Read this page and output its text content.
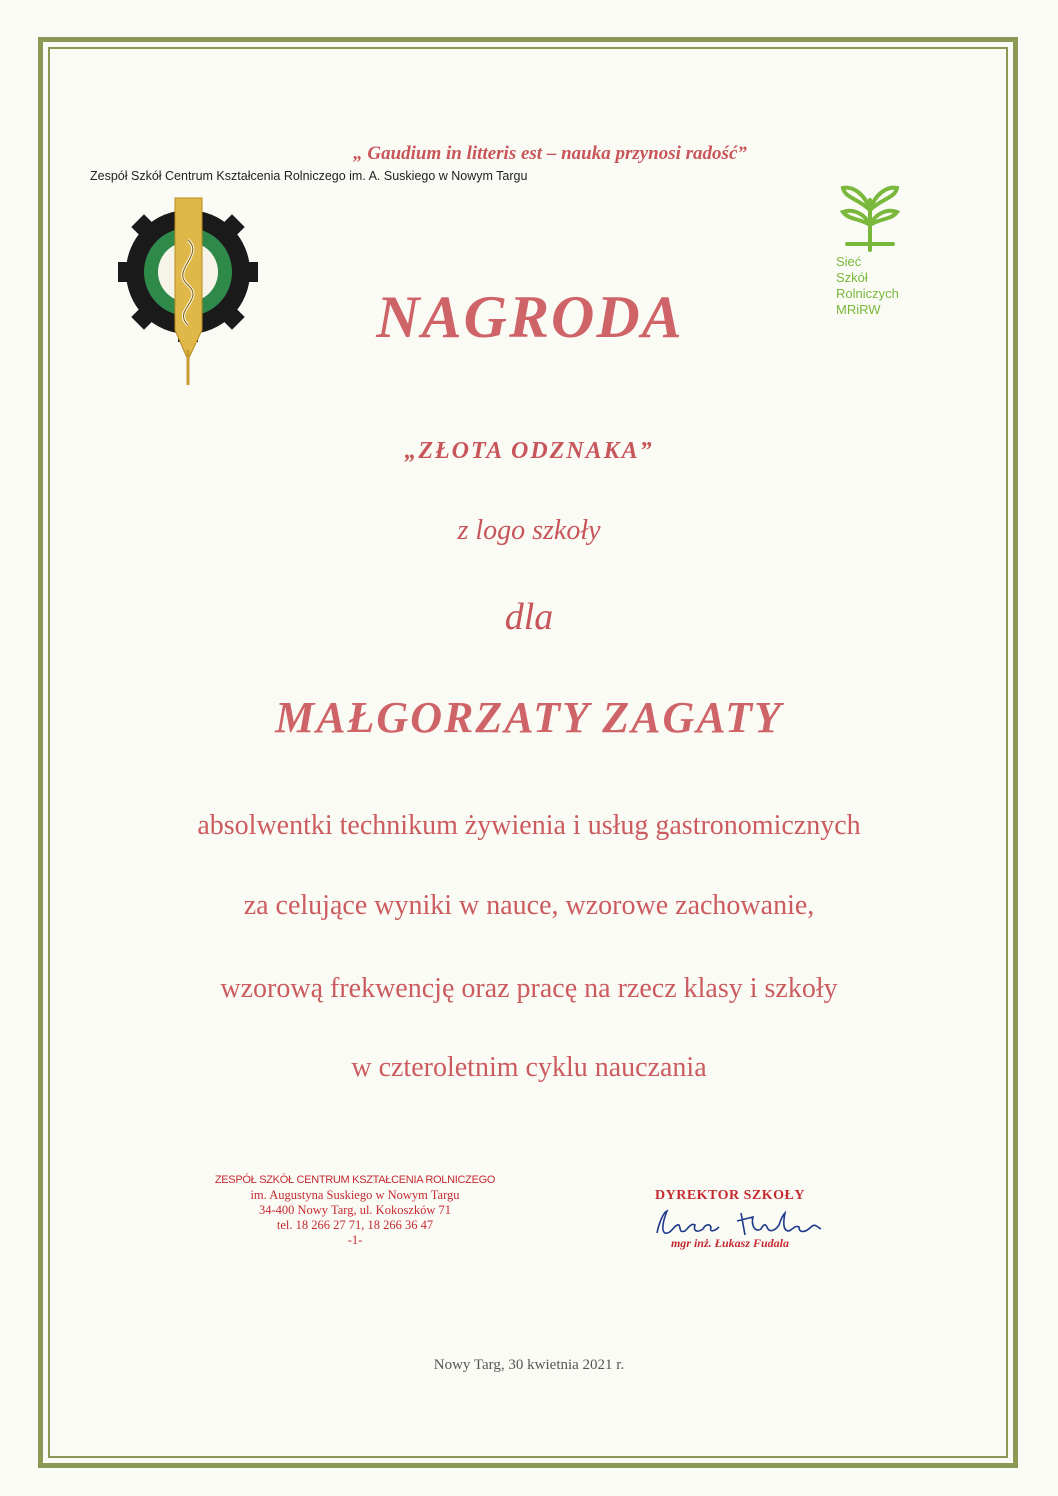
„ Gaudium in litteris est – nauka przynosi radość”
Zespół Szkół Centrum Kształcenia Rolniczego im. A. Suskiego w Nowym Targu
Sieć
Szkół
Rolniczych
MRiRW
NAGRODA
„ZŁOTA ODZNAKA”
z logo szkoły
dla
MAŁGORZATY ZAGATY
absolwentki technikum żywienia i usług gastronomicznych
za celujące wyniki w nauce, wzorowe zachowanie,
wzorową frekwencję oraz pracę na rzecz klasy i szkoły
w czteroletnim cyklu nauczania
ZESPÓŁ SZKÓŁ CENTRUM KSZTAŁCENIA ROLNICZEGO
im. Augustyna Suskiego w Nowym Targu
34-400 Nowy Targ, ul. Kokoszków 71
tel. 18 266 27 71, 18 266 36 47
-1-
DYREKTOR SZKOŁY
mgr inż. Łukasz Fudala
Nowy Targ, 30 kwietnia 2021 r.
